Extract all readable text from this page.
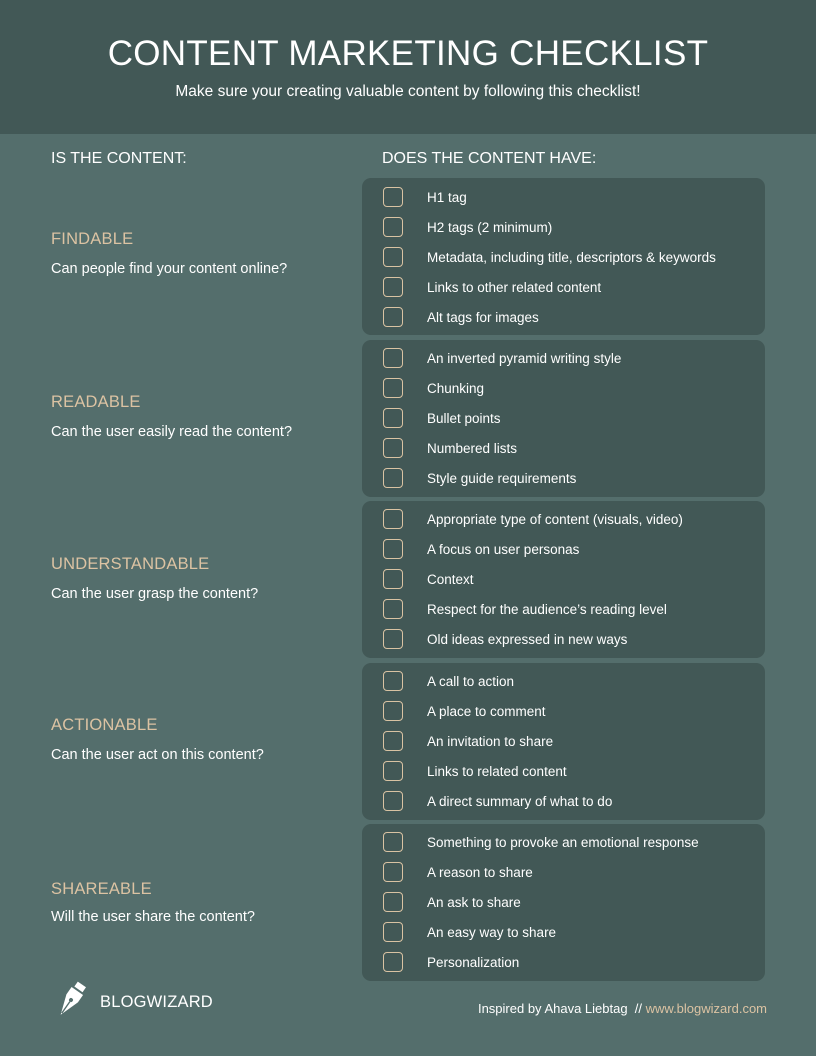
CONTENT MARKETING CHECKLIST
Make sure your creating valuable content by following this checklist!
IS THE CONTENT:	DOES THE CONTENT HAVE:
FINDABLE
Can people find your content online?
H1 tag
H2 tags (2 minimum)
Metadata, including title, descriptors & keywords
Links to other related content
Alt tags for images
READABLE
Can the user easily read the content?
An inverted pyramid writing style
Chunking
Bullet points
Numbered lists
Style guide requirements
UNDERSTANDABLE
Can the user grasp the content?
Appropriate type of content (visuals, video)
A focus on user personas
Context
Respect for the audience’s reading level
Old ideas expressed in new ways
ACTIONABLE
Can the user act on this content?
A call to action
A place to comment
An invitation to share
Links to related content
A direct summary of what to do
SHAREABLE
Will the user share the content?
Something to provoke an emotional response
A reason to share
An ask to share
An easy way to share
Personalization
BLOGWIZARD	Inspired by Ahava Liebtag  // www.blogwizard.com
